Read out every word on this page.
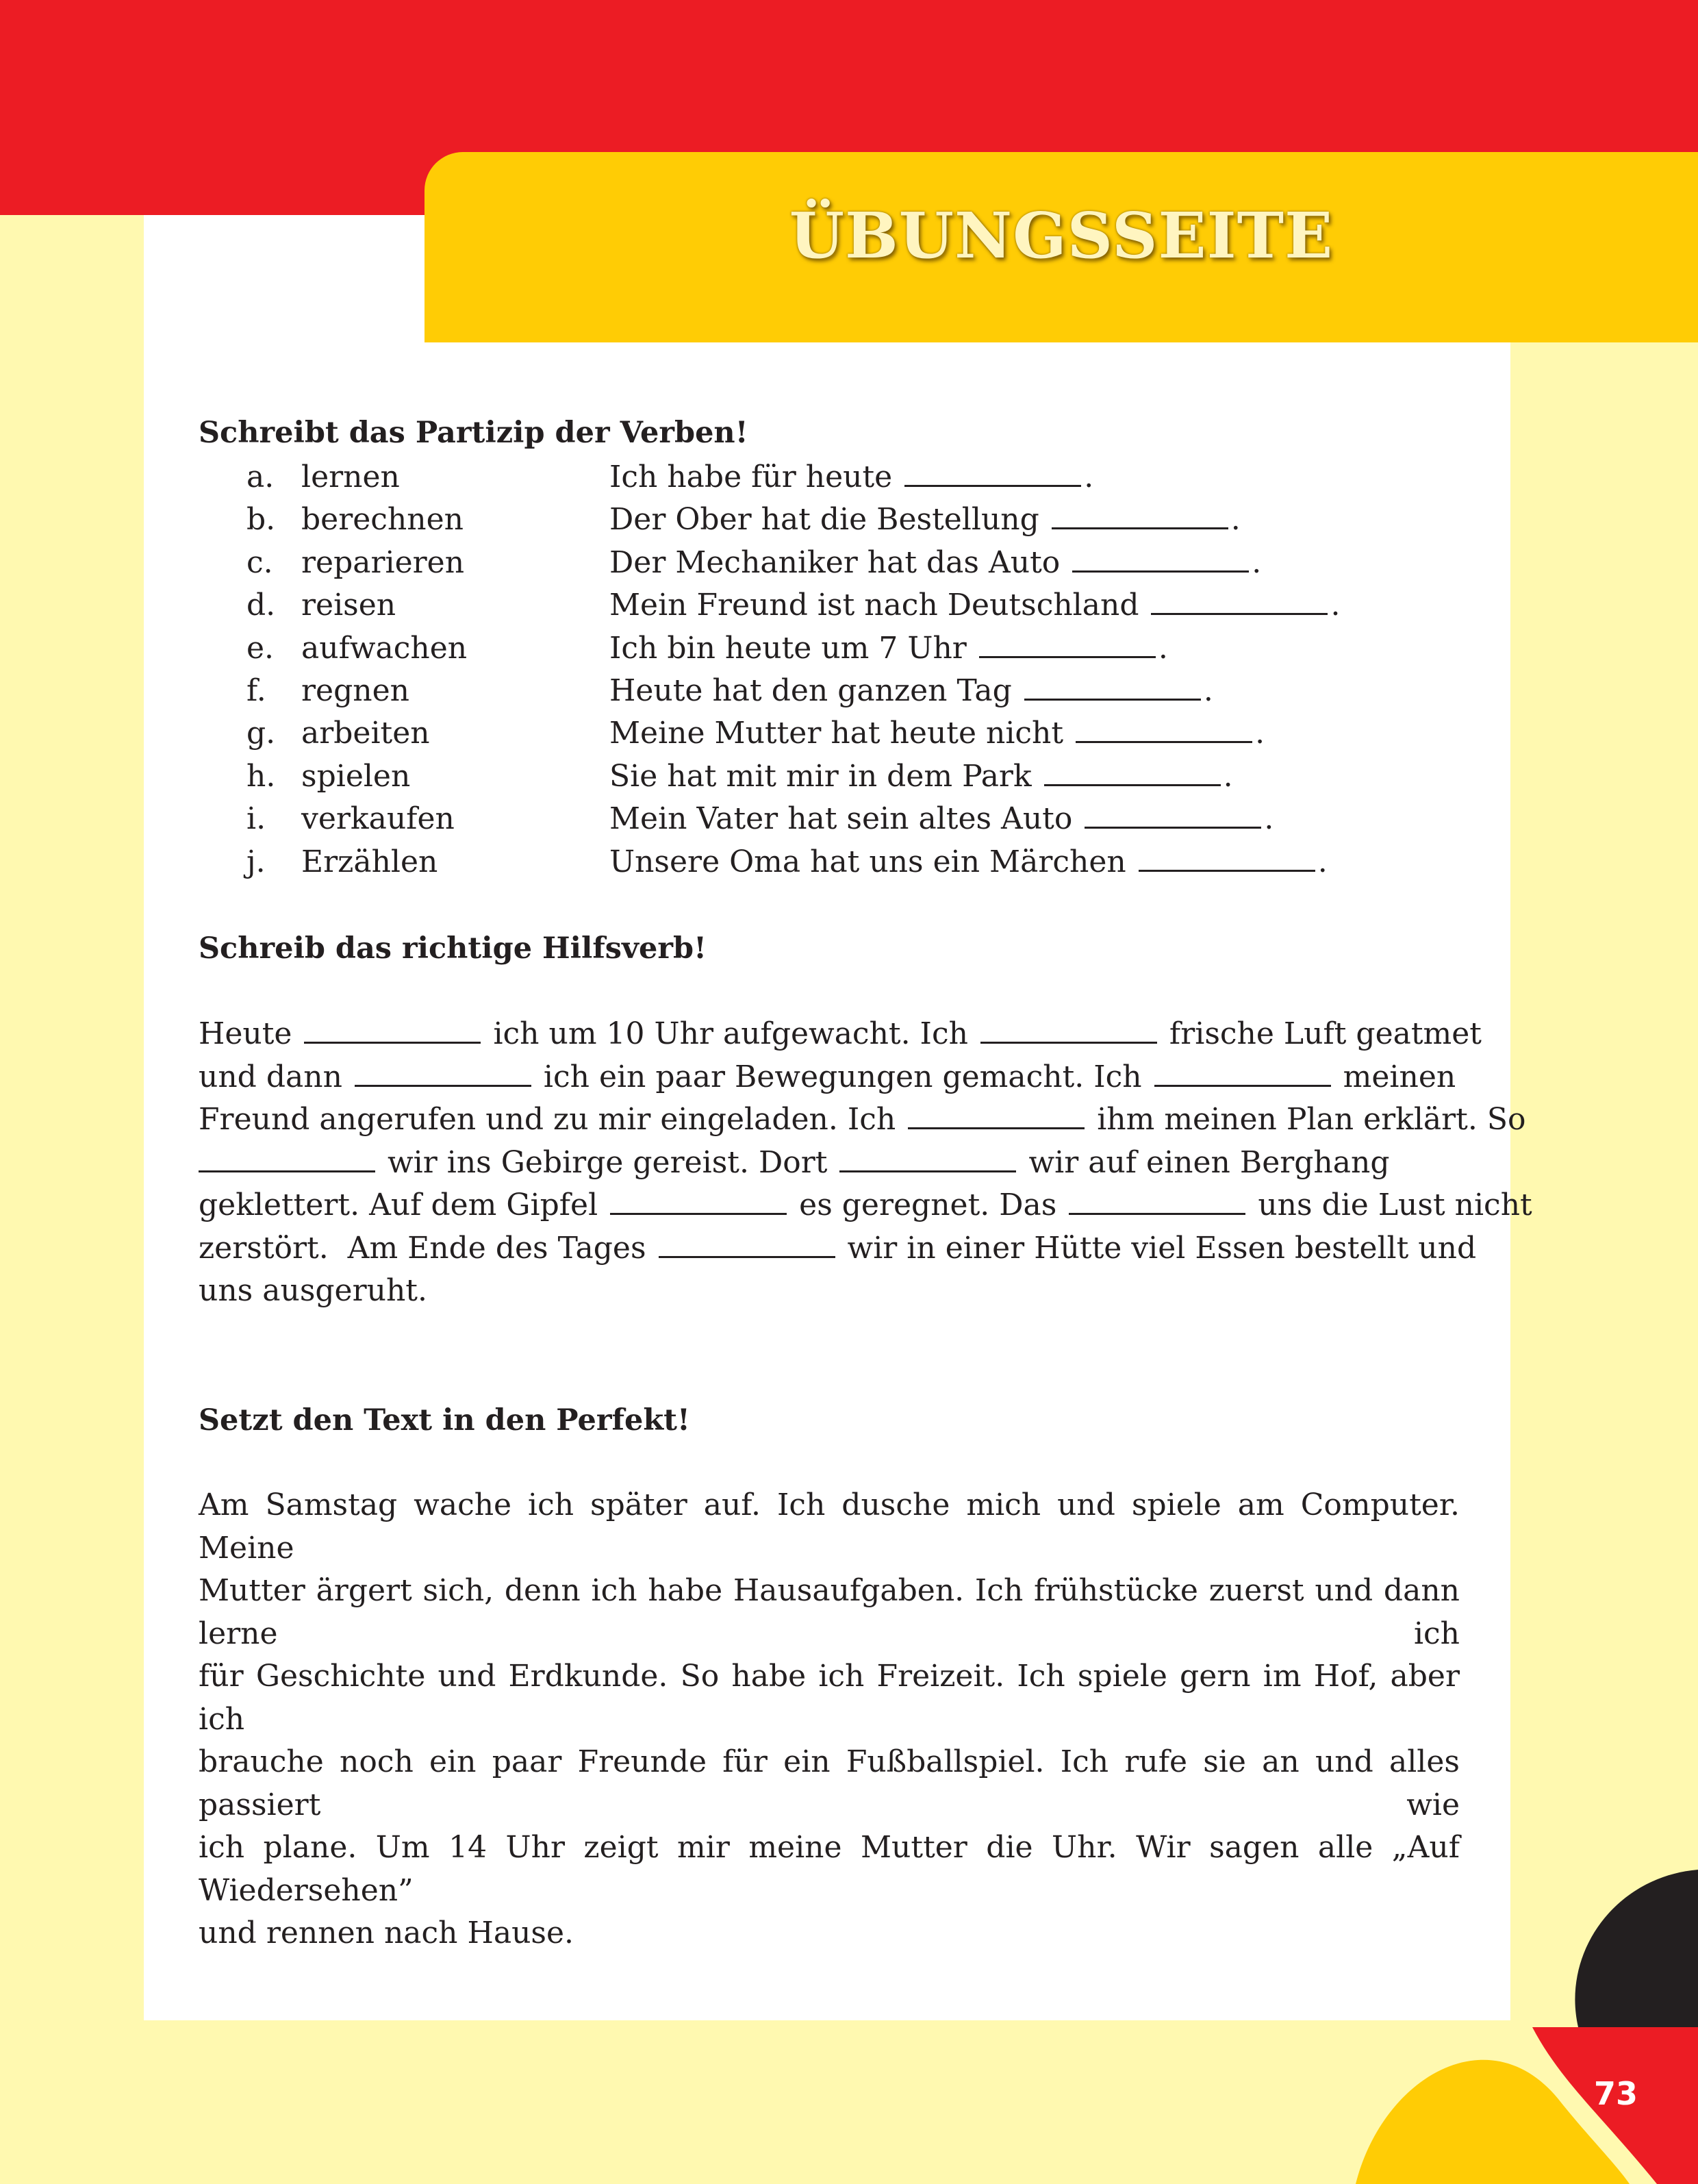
ÜBUNGSSEITE
Schreibt das Partizip der Verben!
a. lernen	Ich habe für heute	.
b. berechnen	Der Ober hat die Bestellung	.
c. reparieren	Der Mechaniker hat das Auto	.
d. reisen	Mein Freund ist nach Deutschland	.
e. aufwachen	Ich bin heute um 7 Uhr	.
f. regnen	Heute hat den ganzen Tag	.
g. arbeiten	Meine Mutter hat heute nicht	.
h. spielen	Sie hat mit mir in dem Park	.
i. verkaufen	Mein Vater hat sein altes Auto	.
j. Erzählen	Unsere Oma hat uns ein Märchen	.
Schreib das richtige Hilfsverb!
Heute	ich um 10 Uhr aufgewacht. Ich	frische Luft geatmet
und dann	ich ein paar Bewegungen gemacht. Ich	meinen
Freund angerufen und zu mir eingeladen. Ich	ihm meinen Plan erklärt. So
wir ins Gebirge gereist. Dort	wir auf einen Berghang
geklettert. Auf dem Gipfel	es geregnet. Das	uns die Lust nicht
zerstört.  Am Ende des Tages	wir in einer Hütte viel Essen bestellt und
uns ausgeruht.
Setzt den Text in den Perfekt!
Am Samstag wache ich später auf. Ich dusche mich und spiele am Computer. Meine
Mutter ärgert sich, denn ich habe Hausaufgaben. Ich frühstücke zuerst und dann lerne ich
für Geschichte und Erdkunde. So habe ich Freizeit. Ich spiele gern im Hof, aber ich
brauche noch ein paar Freunde für ein Fußballspiel. Ich rufe sie an und alles passiert wie
ich plane. Um 14 Uhr zeigt mir meine Mutter die Uhr. Wir sagen alle „Auf Wiedersehen”
und rennen nach Hause.
73
